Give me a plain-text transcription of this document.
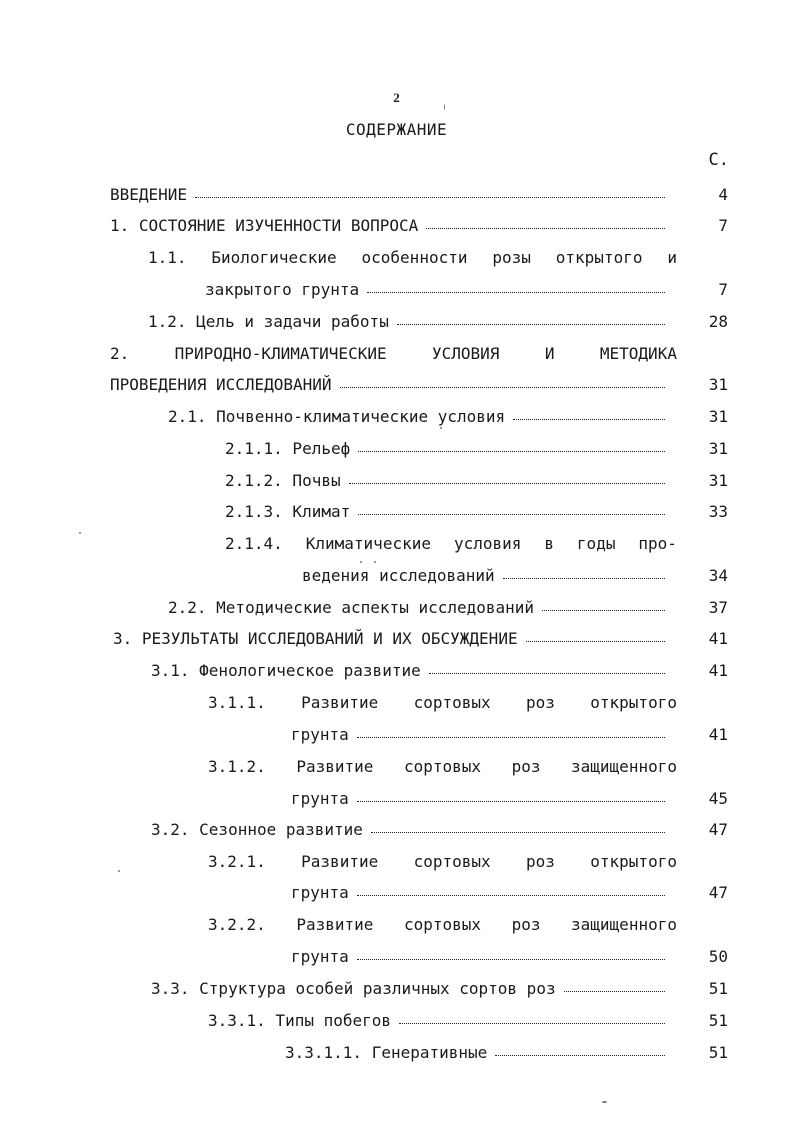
2
СОДЕРЖАНИЕ
С.
ВВЕДЕНИЕ	4
1. СОСТОЯНИЕ ИЗУЧЕННОСТИ ВОПРОСА	7
1.1. Биологические особенности розы открытого и
закрытого грунта	7
1.2. Цель и задачи работы	28
2.	ПРИРОДНО-КЛИМАТИЧЕСКИЕ	УСЛОВИЯ	И	МЕТОДИКА
ПРОВЕДЕНИЯ ИССЛЕДОВАНИЙ	31
2.1. Почвенно-климатические условия	31
2.1.1. Рельеф	31
2.1.2. Почвы	31
2.1.3. Климат	33
2.1.4. Климатические условия в годы про-
ведения исследований	34
2.2. Методические аспекты исследований	37
3. РЕЗУЛЬТАТЫ ИССЛЕДОВАНИЙ И ИХ ОБСУЖДЕНИЕ	41
3.1. Фенологическое развитие	41
3.1.1. Развитие сортовых роз открытого
грунта	41
3.1.2. Развитие сортовых роз защищенного
грунта	45
3.2. Сезонное развитие	47
3.2.1. Развитие сортовых роз открытого
грунта	47
3.2.2. Развитие сортовых роз защищенного
грунта	50
3.3. Структура особей различных сортов роз	51
3.3.1. Типы побегов	51
3.3.1.1. Генеративные	51
